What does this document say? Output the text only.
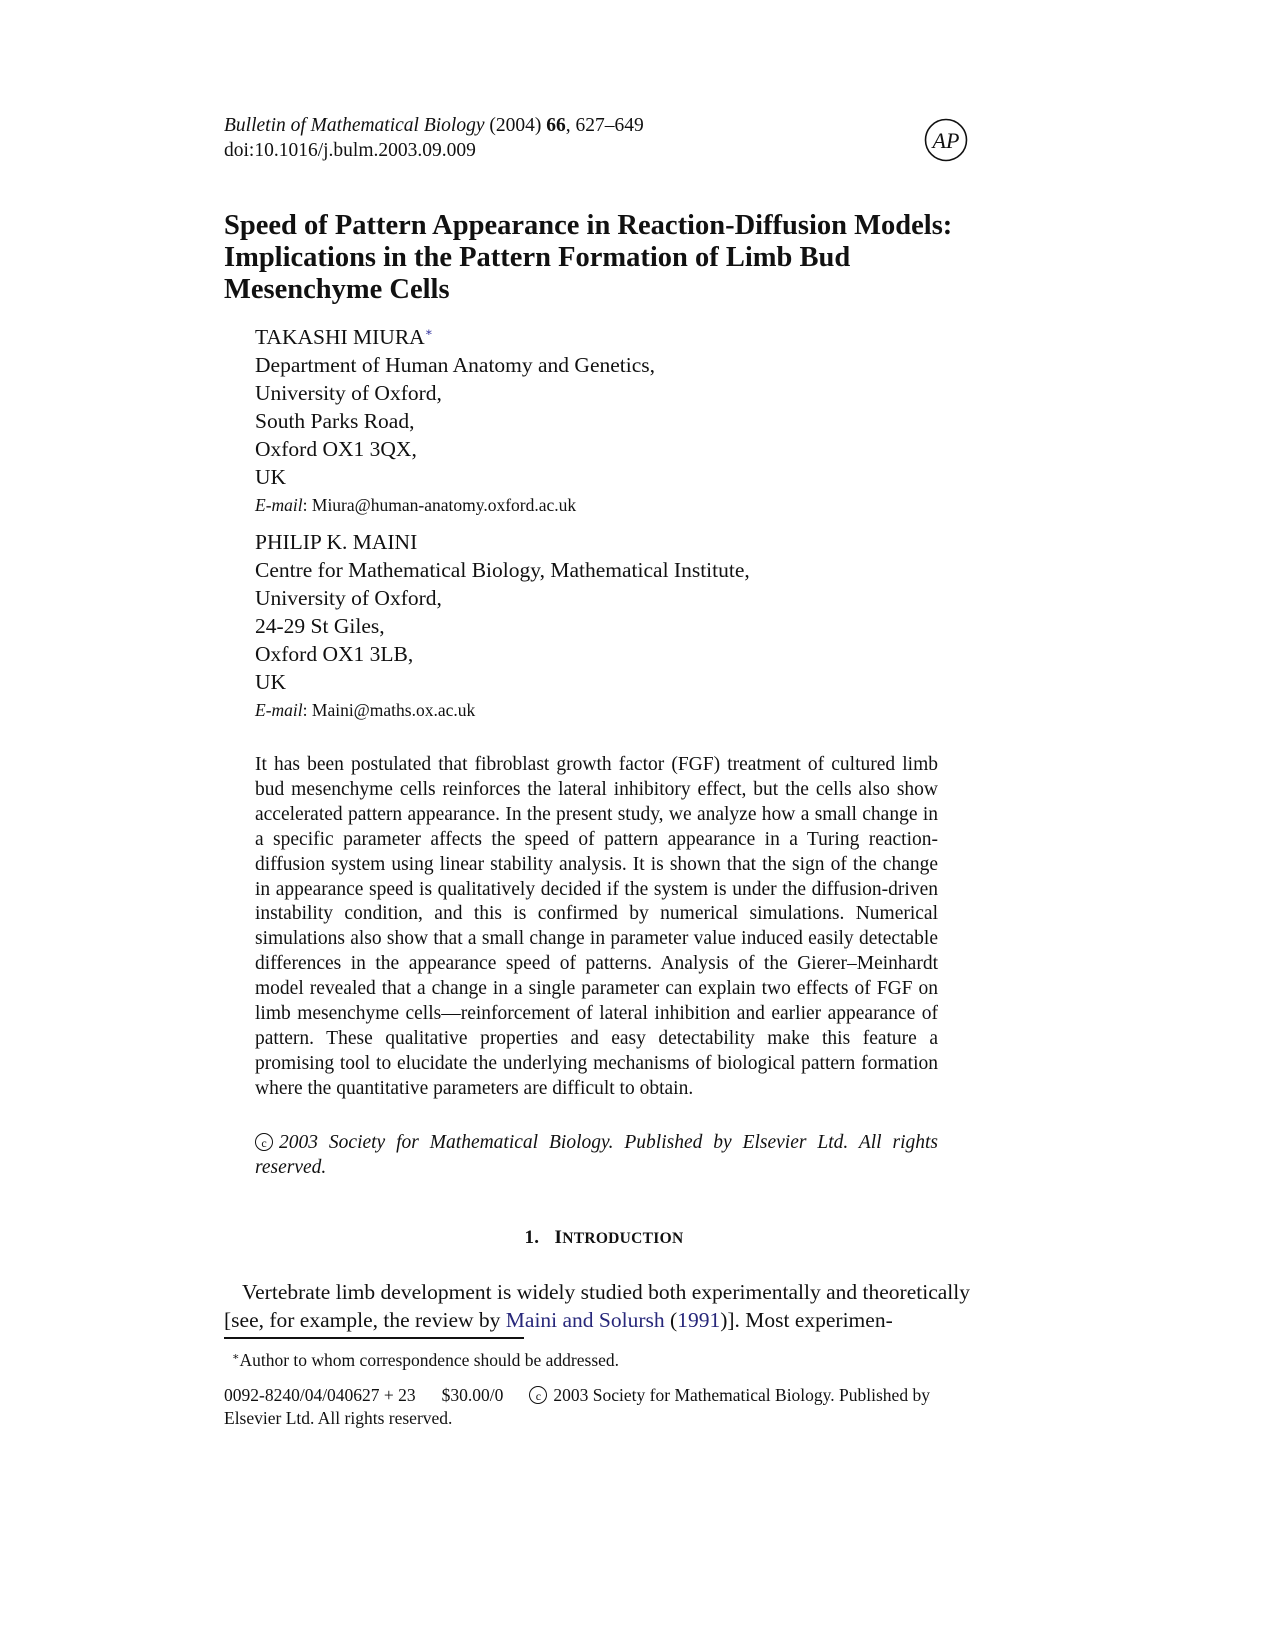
Bulletin of Mathematical Biology (2004) 66, 627–649
doi:10.1016/j.bulm.2003.09.009	AP
Speed of Pattern Appearance in Reaction-Diffusion Models: Implications in the Pattern Formation of Limb Bud Mesenchyme Cells
TAKASHI MIURA∗
Department of Human Anatomy and Genetics,
University of Oxford,
South Parks Road,
Oxford OX1 3QX,
UK
E-mail: Miura@human-anatomy.oxford.ac.uk
PHILIP K. MAINI
Centre for Mathematical Biology, Mathematical Institute,
University of Oxford,
24-29 St Giles,
Oxford OX1 3LB,
UK
E-mail: Maini@maths.ox.ac.uk

It has been postulated that fibroblast growth factor (FGF) treatment of cultured limb bud mesenchyme cells reinforces the lateral inhibitory effect, but the cells also show accelerated pattern appearance. In the present study, we analyze how a small change in a specific parameter affects the speed of pattern appearance in a Turing reaction-diffusion system using linear stability analysis. It is shown that the sign of the change in appearance speed is qualitatively decided if the system is under the diffusion-driven instability condition, and this is confirmed by numerical simulations. Numerical simulations also show that a small change in parameter value induced easily detectable differences in the appearance speed of patterns. Analysis of the Gierer–Meinhardt model revealed that a change in a single parameter can explain two effects of FGF on limb mesenchyme cells—reinforcement of lateral inhibition and earlier appearance of pattern. These qualitative properties and easy detectability make this feature a promising tool to elucidate the underlying mechanisms of biological pattern formation where the quantitative parameters are difficult to obtain.

c 2003 Society for Mathematical Biology. Published by Elsevier Ltd. All rights reserved.

1. INTRODUCTION

Vertebrate limb development is widely studied both experimentally and theoretically [see, for example, the review by Maini and Solursh (1991)]. Most experimen-

∗Author to whom correspondence should be addressed.
0092-8240/04/040627 + 23 $30.00/0	c 2003 Society for Mathematical Biology. Published by Elsevier Ltd. All rights reserved.
